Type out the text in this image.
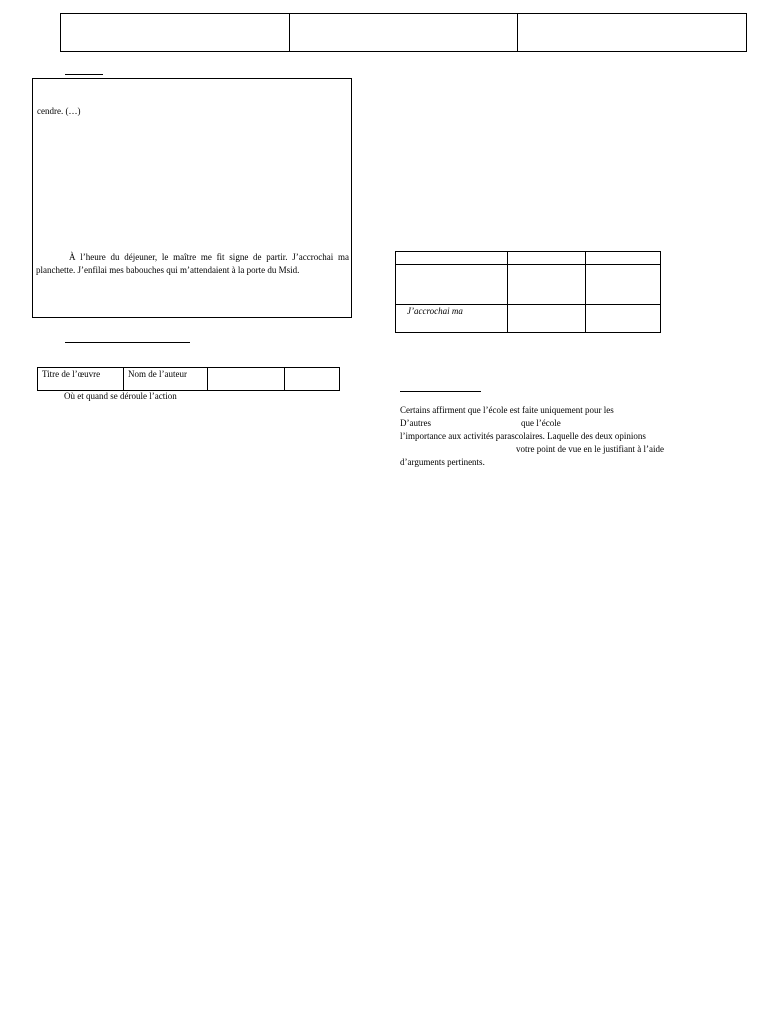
cendre. (…)
À l’heure du déjeuner, le maître me fit signe de partir. J’accrochai ma planchette. J’enfilai mes babouches qui m’attendaient à la porte du Msid.
Titre de l’œuvre	Nom de l’auteur		
Où et quand se déroule l’action

J’accrochai ma		
Certains affirment que l’école est faite uniquement pour les
D’autres	que l’école
l’importance aux activités parascolaires. Laquelle des deux opinions
votre point de vue en le justifiant à l’aide
d’arguments pertinents.
